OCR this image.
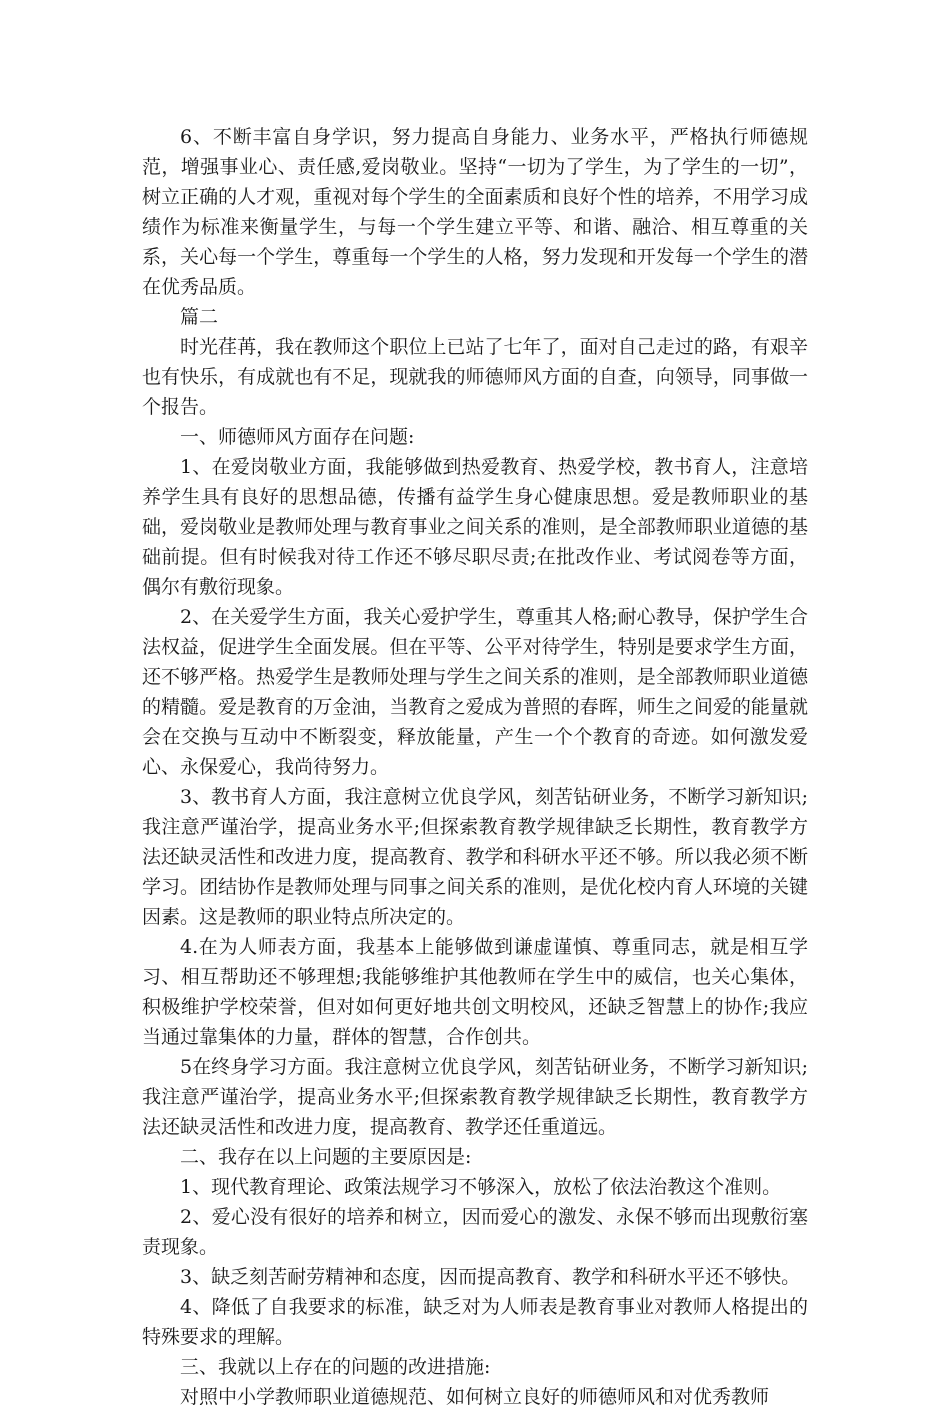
6、不断丰富自身学识，努力提高自身能力、业务水平，严格执行师德规范，增强事业心、责任感,爱岗敬业。坚持“一切为了学生，为了学生的一切”，树立正确的人才观，重视对每个学生的全面素质和良好个性的培养，不用学习成绩作为标准来衡量学生，与每一个学生建立平等、和谐、融洽、相互尊重的关系，关心每一个学生，尊重每一个学生的人格，努力发现和开发每一个学生的潜在优秀品质。

篇二

时光荏苒，我在教师这个职位上已站了七年了，面对自己走过的路，有艰辛也有快乐，有成就也有不足，现就我的师德师风方面的自查，向领导，同事做一个报告。

一、师德师风方面存在问题:

1、在爱岗敬业方面，我能够做到热爱教育、热爱学校，教书育人，注意培养学生具有良好的思想品德，传播有益学生身心健康思想。爱是教师职业的基础，爱岗敬业是教师处理与教育事业之间关系的准则，是全部教师职业道德的基础前提。但有时候我对待工作还不够尽职尽责;在批改作业、考试阅卷等方面，偶尔有敷衍现象。

2、在关爱学生方面，我关心爱护学生，尊重其人格;耐心教导，保护学生合法权益，促进学生全面发展。但在平等、公平对待学生，特别是要求学生方面，还不够严格。热爱学生是教师处理与学生之间关系的准则，是全部教师职业道德的精髓。爱是教育的万金油，当教育之爱成为普照的春晖，师生之间爱的能量就会在交换与互动中不断裂变，释放能量，产生一个个教育的奇迹。如何激发爱心、永保爱心，我尚待努力。

3、教书育人方面，我注意树立优良学风，刻苦钻研业务，不断学习新知识;我注意严谨治学，提高业务水平;但探索教育教学规律缺乏长期性，教育教学方法还缺灵活性和改进力度，提高教育、教学和科研水平还不够。所以我必须不断学习。团结协作是教师处理与同事之间关系的准则，是优化校内育人环境的关键因素。这是教师的职业特点所决定的。

4.在为人师表方面，我基本上能够做到谦虚谨慎、尊重同志，就是相互学习、相互帮助还不够理想;我能够维护其他教师在学生中的威信，也关心集体，积极维护学校荣誉，但对如何更好地共创文明校风，还缺乏智慧上的协作;我应当通过靠集体的力量，群体的智慧，合作创共。

5在终身学习方面。我注意树立优良学风，刻苦钻研业务，不断学习新知识;我注意严谨治学，提高业务水平;但探索教育教学规律缺乏长期性，教育教学方法还缺灵活性和改进力度，提高教育、教学还任重道远。

二、我存在以上问题的主要原因是:

1、现代教育理论、政策法规学习不够深入，放松了依法治教这个准则。

2、爱心没有很好的培养和树立，因而爱心的激发、永保不够而出现敷衍塞责现象。

3、缺乏刻苦耐劳精神和态度，因而提高教育、教学和科研水平还不够快。

4、降低了自我要求的标准，缺乏对为人师表是教育事业对教师人格提出的特殊要求的理解。

三、我就以上存在的问题的改进措施:

对照中小学教师职业道德规范、如何树立良好的师德师风和对优秀教师
